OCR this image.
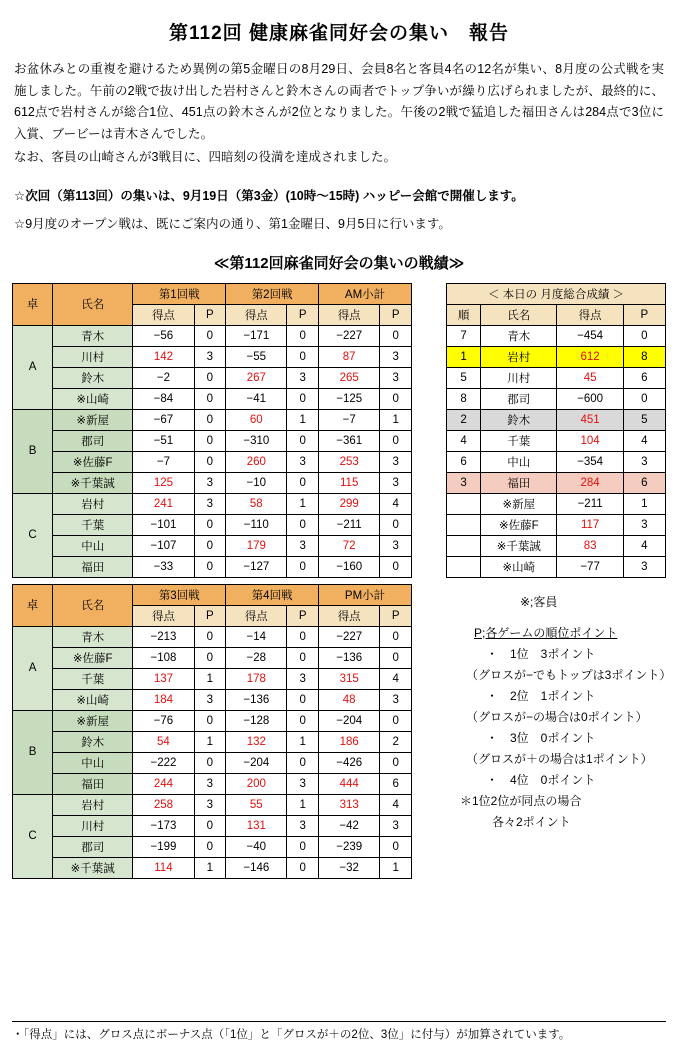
第112回 健康麻雀同好会の集い　報告
お盆休みとの重複を避けるため異例の第5金曜日の8月29日、会員8名と客員4名の12名が集い、8月度の公式戦を実施しました。午前の2戦で抜け出した岩村さんと鈴木さんの両者でトップ争いが繰り広げられましたが、最終的に、612点で岩村さんが総合1位、451点の鈴木さんが2位となりました。午後の2戦で猛追した福田さんは284点で3位に入賞、ブービーは青木さんでした。
なお、客員の山崎さんが3戦目に、四暗刻の役満を達成されました。
☆次回（第113回）の集いは、9月19日（第3金）(10時～15時) ハッピー会館で開催します。
☆9月度のオープン戦は、既にご案内の通り、第1金曜日、9月5日に行います。
≪第112回麻雀同好会の集いの戦績≫
卓	氏名	第1回戦		第2回戦		AM小計	
		得点	P	得点	P	得点	P
A	青木	−56	0	−171	0	−227	0
	川村	142	3	−55	0	87	3
	鈴木	−2	0	267	3	265	3
	※山崎	−84	0	−41	0	−125	0
B	※新屋	−67	0	60	1	−7	1
	郡司	−51	0	−310	0	−361	0
	※佐藤F	−7	0	260	3	253	3
	※千葉誠	125	3	−10	0	115	3
C	岩村	241	3	58	1	299	4
	千葉	−101	0	−110	0	−211	0
	中山	−107	0	179	3	72	3
	福田	−33	0	−127	0	−160	0
卓	氏名	第3回戦		第4回戦		PM小計	
		得点	P	得点	P	得点	P
A	青木	−213	0	−14	0	−227	0
	※佐藤F	−108	0	−28	0	−136	0
	千葉	137	1	178	3	315	4
	※山崎	184	3	−136	0	48	3
B	※新屋	−76	0	−128	0	−204	0
	鈴木	54	1	132	1	186	2
	中山	−222	0	−204	0	−426	0
	福田	244	3	200	3	444	6
C	岩村	258	3	55	1	313	4
	川村	−173	0	131	3	−42	3
	郡司	−199	0	−40	0	−239	0
	※千葉誠	114	1	−146	0	−32	1
＜ 本日の 月度総合成績 ＞			
順	氏名	得点	P
7	青木	−454	0
1	岩村	612	8
5	川村	45	6
8	郡司	−600	0
2	鈴木	451	5
4	千葉	104	4
6	中山	−354	3
3	福田	284	6
	※新屋	−211	1
	※佐藤F	117	3
	※千葉誠	83	4
	※山崎	−77	3
※;客員
P;各ゲームの順位ポイント
・　1位　3ポイント
（グロスが−でもトップは3ポイント）
・　2位　1ポイント
（グロスが−の場合は0ポイント）
・　3位　0ポイント
（グロスが＋の場合は1ポイント）
・　4位　0ポイント
＊1位2位が同点の場合
各々2ポイント
・「得点」には、グロス点にボーナス点（「1位」と「グロスが＋の2位、3位」に付与）が加算されています。
